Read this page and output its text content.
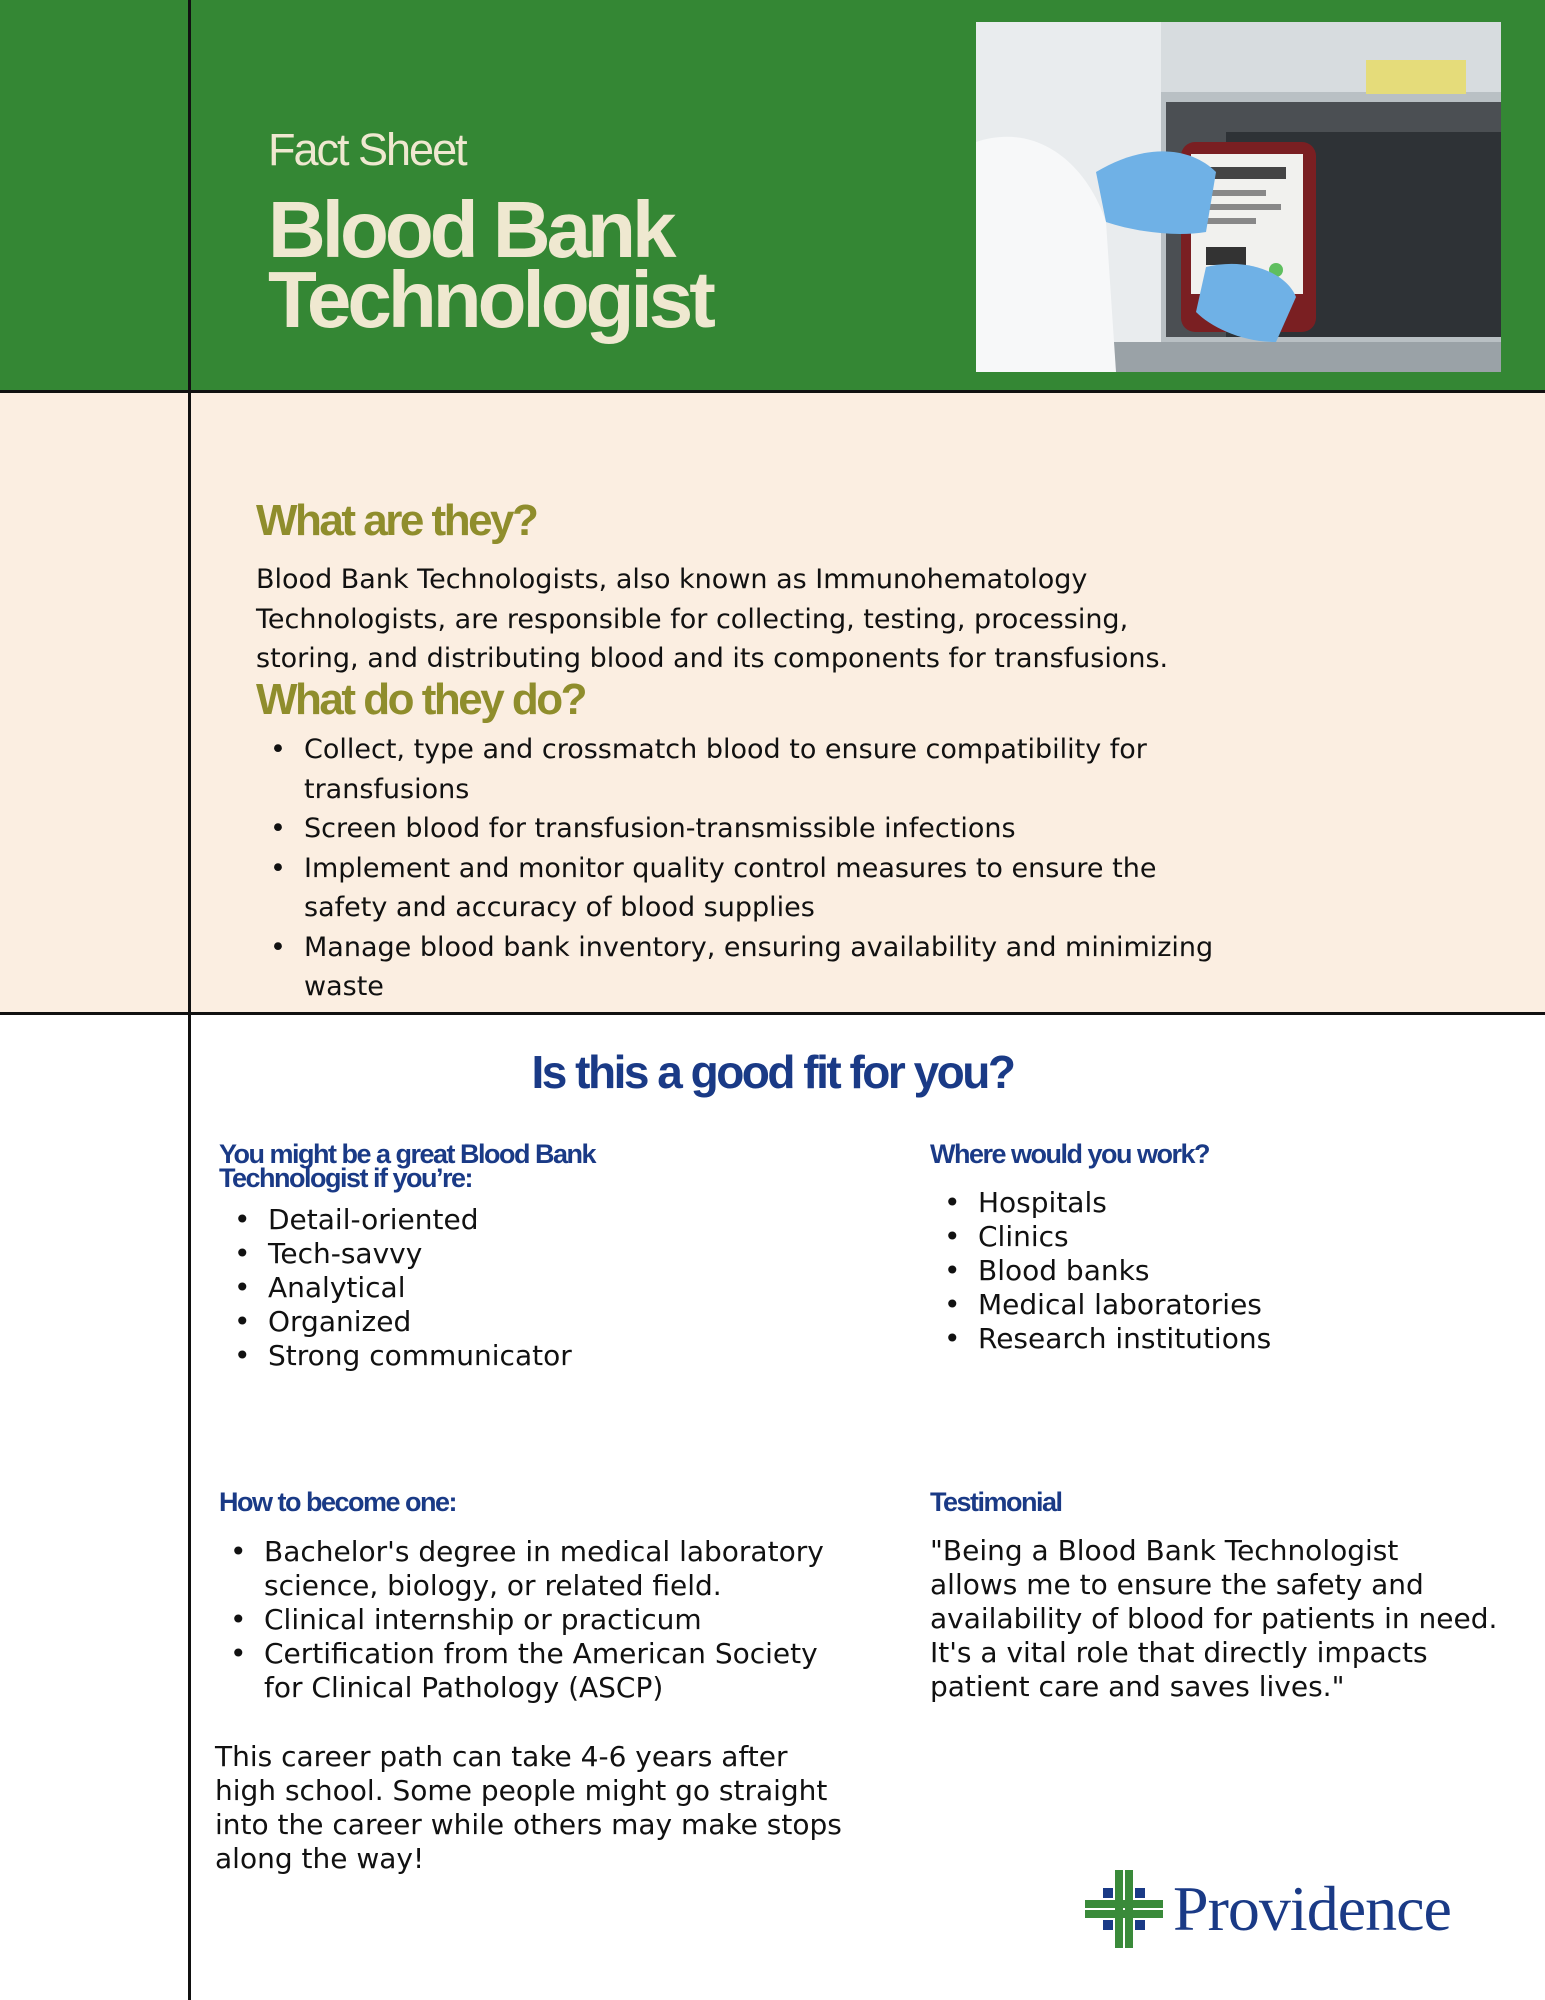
Fact Sheet
Blood Bank
Technologist
What are they?
Blood Bank Technologists, also known as Immunohematology
Technologists, are responsible for collecting, testing, processing,
storing, and distributing blood and its components for transfusions.
What do they do?
• Collect, type and crossmatch blood to ensure compatibility for
transfusions
• Screen blood for transfusion-transmissible infections
• Implement and monitor quality control measures to ensure the
safety and accuracy of blood supplies
• Manage blood bank inventory, ensuring availability and minimizing
waste
Is this a good fit for you?
You might be a great Blood Bank
Technologist if you’re:
• Detail-oriented
• Tech-savvy
• Analytical
• Organized
• Strong communicator
Where would you work?
• Hospitals
• Clinics
• Blood banks
• Medical laboratories
• Research institutions
How to become one:
• Bachelor's degree in medical laboratory
science, biology, or related field.
• Clinical internship or practicum
• Certification from the American Society
for Clinical Pathology (ASCP)
This career path can take 4-6 years after
high school. Some people might go straight
into the career while others may make stops
along the way!
Testimonial
"Being a Blood Bank Technologist
allows me to ensure the safety and
availability of blood for patients in need.
It's a vital role that directly impacts
patient care and saves lives."
Providence
